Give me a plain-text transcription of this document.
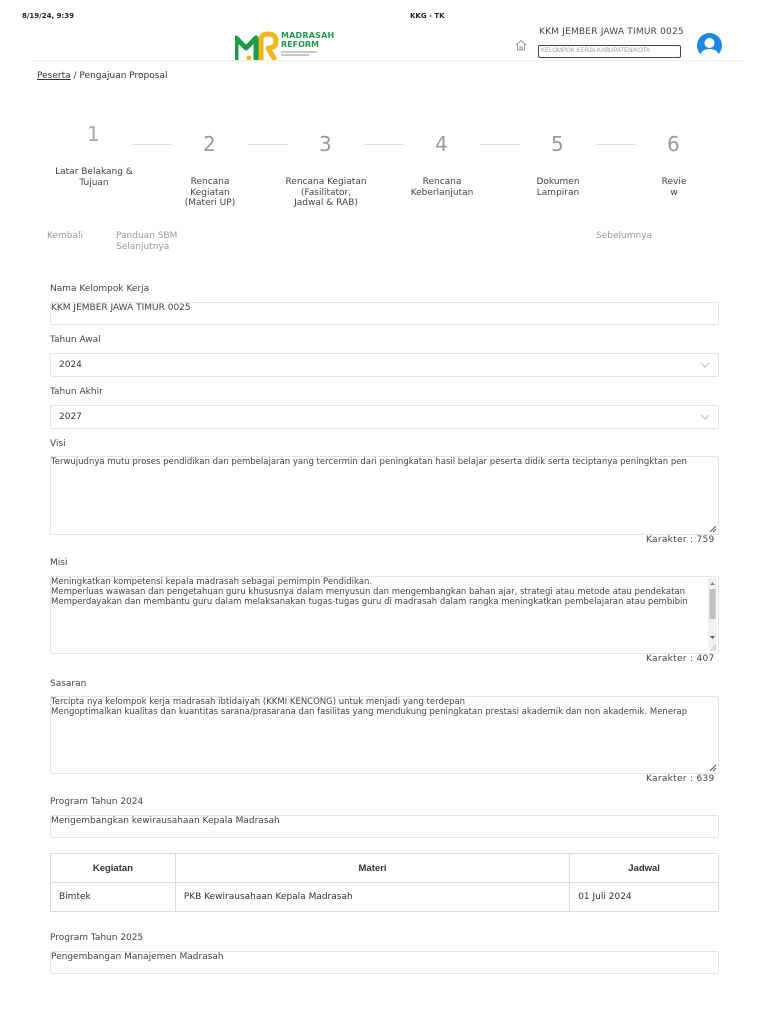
8/19/24, 9:39	KKG - TK
MADRASAH
REFORM
KKM JEMBER JAWA TIMUR 0025
KELOMPOK KERJA KABUPATEN/KOTA
Peserta / Pengajuan Proposal
1	2	3	4	5	6
Latar Belakang &
Tujuan	Rencana
Kegiatan
(Materi UP)
Rencana Kegiatan
(Fasilitator,
Jadwal & RAB)
Rencana
Keberlanjutan
Dokumen
Lampiran
Revie
w
Kembali	Panduan SBM
Selanjutnya
Sebelumnya
Nama Kelompok Kerja
KKM JEMBER JAWA TIMUR 0025
Tahun Awal
2024
Tahun Akhir
2027
Visi
Terwujudnya mutu proses pendidikan dan pembelajaran yang tercermin dari peningkatan hasil belajar peserta didik serta teciptanya peningktan pen
Karakter : 759
Misi
Meningkatkan kompetensi kepala madrasah sebagai pemimpin Pendidikan.
Memperluas wawasan dan pengetahuan guru khususnya dalam menyusun dan mengembangkan bahan ajar, strategi atau metode atau pendekatan
Memperdayakan dan membantu guru dalam melaksanakan tugas-tugas guru di madrasah dalam rangka meningkatkan pembelajaran atau pembibin
Karakter : 407
Sasaran
Tercipta nya kelompok kerja madrasah ibtidaiyah (KKMI KENCONG) untuk menjadi yang terdepan
Mengoptimalkan kualitas dan kuantitas sarana/prasarana dan fasilitas yang mendukung peningkatan prestasi akademik dan non akademik. Menerap
Karakter : 639
Program Tahun 2024
Mengembangkan kewirausahaan Kepala Madrasah
Kegiatan	Materi	Jadwal
Bimtek	PKB Kewirausahaan Kepala Madrasah	01 Juli 2024
Program Tahun 2025
Pengembangan Manajemen Madrasah
